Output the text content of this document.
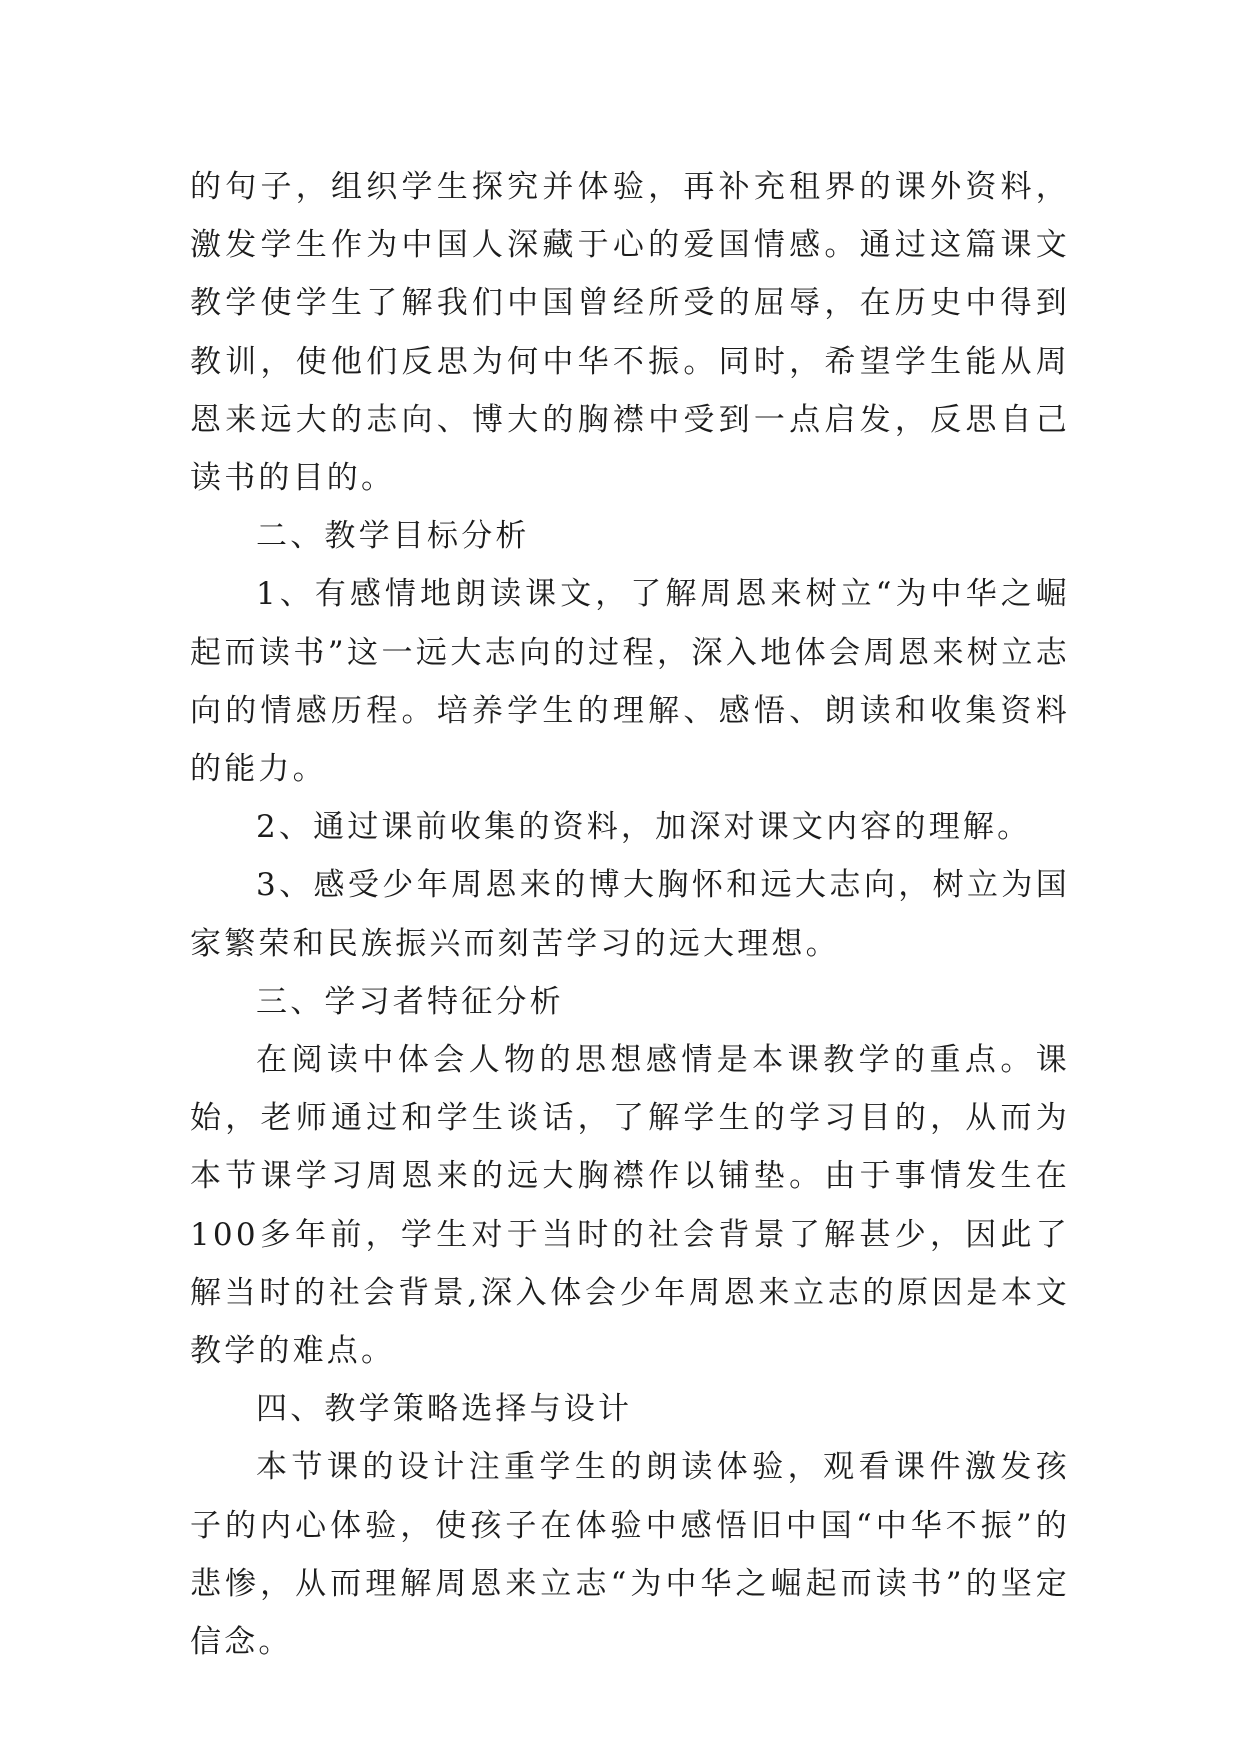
的句子，组织学生探究并体验，再补充租界的课外资料，激发学生作为中国人深藏于心的爱国情感。通过这篇课文教学使学生了解我们中国曾经所受的屈辱，在历史中得到教训，使他们反思为何中华不振。同时，希望学生能从周恩来远大的志向、博大的胸襟中受到一点启发，反思自己读书的目的。

二、教学目标分析

1、有感情地朗读课文，了解周恩来树立“为中华之崛起而读书”这一远大志向的过程，深入地体会周恩来树立志向的情感历程。培养学生的理解、感悟、朗读和收集资料的能力。

2、通过课前收集的资料，加深对课文内容的理解。

3、感受少年周恩来的博大胸怀和远大志向，树立为国家繁荣和民族振兴而刻苦学习的远大理想。

三、学习者特征分析

在阅读中体会人物的思想感情是本课教学的重点。课始，老师通过和学生谈话，了解学生的学习目的，从而为本节课学习周恩来的远大胸襟作以铺垫。由于事情发生在100多年前，学生对于当时的社会背景了解甚少，因此了解当时的社会背景,深入体会少年周恩来立志的原因是本文教学的难点。

四、教学策略选择与设计

本节课的设计注重学生的朗读体验，观看课件激发孩子的内心体验，使孩子在体验中感悟旧中国“中华不振”的悲惨，从而理解周恩来立志“为中华之崛起而读书”的坚定信念。
